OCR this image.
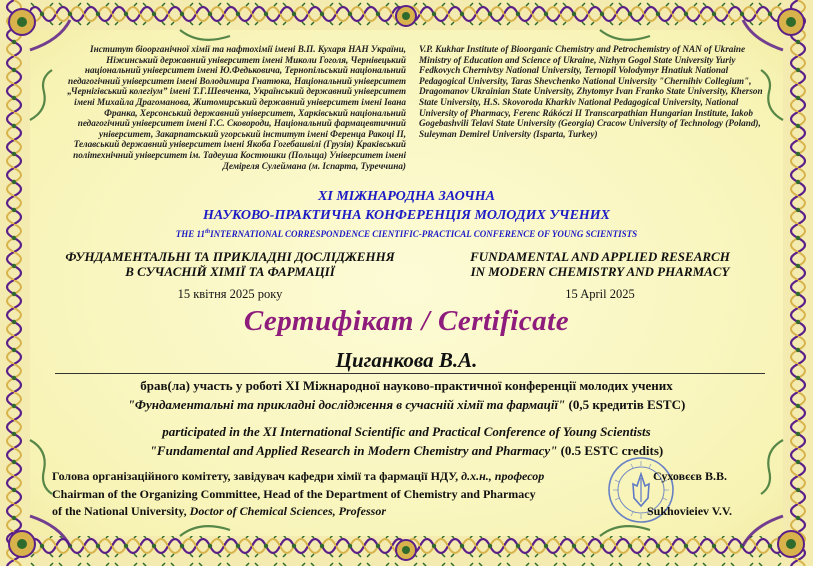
Інститут біоорганічної хімії та нафтохімії імені В.П. Кухаря НАН України, Ніжинський державний університет імені Миколи Гоголя, Чернівецький національний університет імені Ю.Федьковича, Тернопільський національний педагогічний університет імені Володимира Гнатюка, Національний університет „Чернігівський колегіум” імені Т.Г.Шевченка, Український державний університет імені Михайла Драгоманова, Житомирський державний університет імені Івана Франка, Херсонський державний університет, Харківський національний педагогічний університет імені Г.С. Сковороди, Національний фармацевтичний університет, Закарпатський угорський інститут імені Ференца Ракоці II, Телавський державний університет імені Якоба Гогебашвілі (Грузія) Краківський політехнічний університет ім. Тадеуша Костюшки (Польща) Університет імені Деміреля Сулеймана (м. Іспарта, Туреччина)
V.P. Kukhar Institute of Bioorganic Chemistry and Petrochemistry of NAN of Ukraine Ministry of Education and Science of Ukraine, Nizhyn Gogol State University Yuriy Fedkovych Chernivtsy National University, Ternopil Volodymyr Hnatiuk National Pedagogical University, Taras Shevchenko National University "Chernihiv Collegium", Dragomanov Ukrainian State University, Zhytomyr Ivan Franko State University, Kherson State University, H.S. Skovoroda Kharkiv National Pedagogical University, National University of Pharmacy, Ferenc Rákóczi II Transcarpathian Hungarian Institute, Iakob Gogebashvili Telavi State University (Georgia) Cracow University of Technology (Poland), Suleyman Demirel University (Isparta, Turkey)
XI МІЖНАРОДНА ЗАОЧНА
НАУКОВО-ПРАКТИЧНА КОНФЕРЕНЦІЯ МОЛОДИХ УЧЕНИХ
THE 11thINTERNATIONAL CORRESPONDENCE CIENTIFIC-PRACTICAL CONFERENCE OF YOUNG SCIENTISTS
ФУНДАМЕНТАЛЬНІ ТА ПРИКЛАДНІ ДОСЛІДЖЕННЯ
В СУЧАСНІЙ ХІМІЇ ТА ФАРМАЦІЇ
FUNDAMENTAL AND APPLIED RESEARCH
IN MODERN CHEMISTRY AND PHARMACY
15 квітня 2025 року	15 April 2025
Сертифікат / Certificate
Циганкова В.А.
брав(ла) участь у роботі XI Міжнародної науково-практичної конференції молодих учених
"Фундаментальні та прикладні дослідження в сучасній хімії та фармації" (0,5 кредитів ESTC)
participated in the XI International Scientific and Practical Conference of Young Scientists
"Fundamental and Applied Research in Modern Chemistry and Pharmacy" (0.5 ESTC credits)
Голова організаційного комітету, завідувач кафедри хімії та фармації НДУ, д.х.н., професор	Суховєєв В.В.
Chairman of the Organizing Committee, Head of the Department of Chemistry and Pharmacy
of the National University, Doctor of Chemical Sciences, Professor	Sukhovieiev V.V.
